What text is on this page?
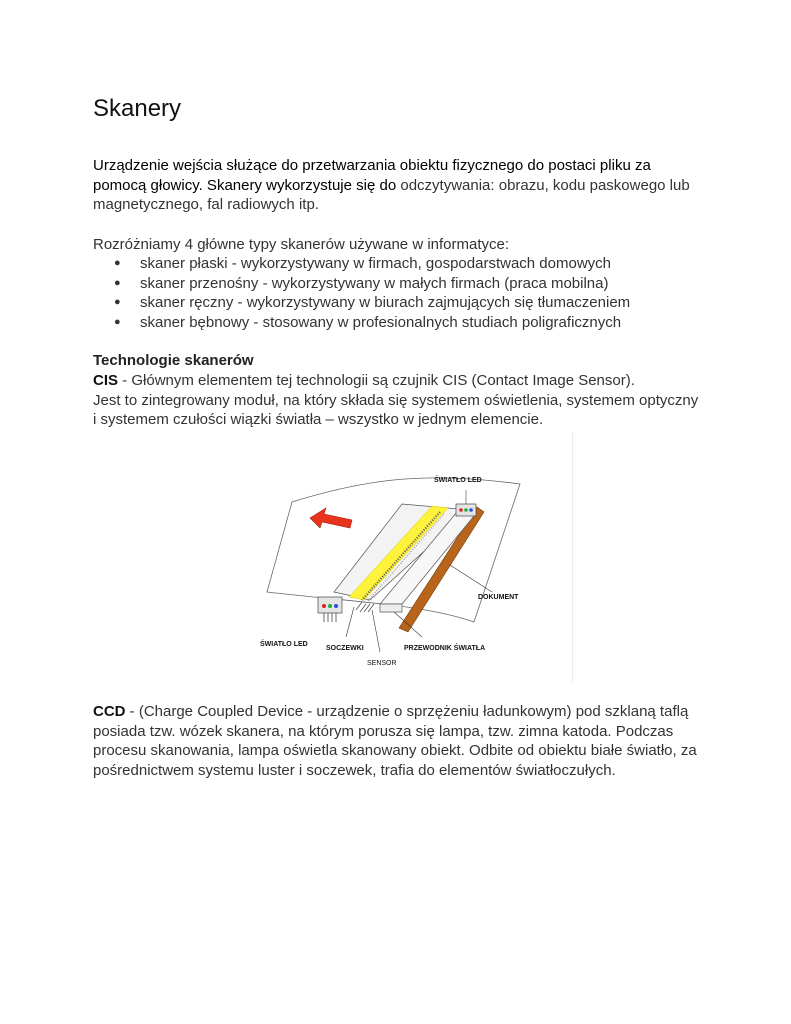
Skanery

Urządzenie wejścia służące do przetwarzania obiektu fizycznego do postaci pliku za pomocą głowicy. Skanery wykorzystuje się do odczytywania: obrazu, kodu paskowego lub magnetycznego, fal radiowych itp.

Rozróżniamy 4 główne typy skanerów używane w informatyce:

● skaner płaski - wykorzystywany w firmach, gospodarstwach domowych
● skaner przenośny - wykorzystywany w małych firmach (praca mobilna)
● skaner ręczny - wykorzystywany w biurach zajmujących się tłumaczeniem
● skaner bębnowy - stosowany w profesionalnych studiach poligraficznych
Technologie skanerów
CIS - Głównym elementem tej technologii są czujnik CIS (Contact Image Sensor).
Jest to zintegrowany moduł, na który składa się systemem oświetlenia, systemem optyczny i systemem czułości wiązki światła – wszystko w jednym elemencie.
ŚWIATŁO LED
DOKUMENT
ŚWIATŁO LED
SOCZEWKI	PRZEWODNIK ŚWIATŁA
SENSOR
CCD - (Charge Coupled Device - urządzenie o sprzężeniu ładunkowym) pod szklaną taflą posiada tzw. wózek skanera, na którym porusza się lampa, tzw. zimna katoda. Podczas procesu skanowania, lampa oświetla skanowany obiekt. Odbite od obiektu białe światło, za pośrednictwem systemu luster i soczewek, trafia do elementów światłoczułych.
